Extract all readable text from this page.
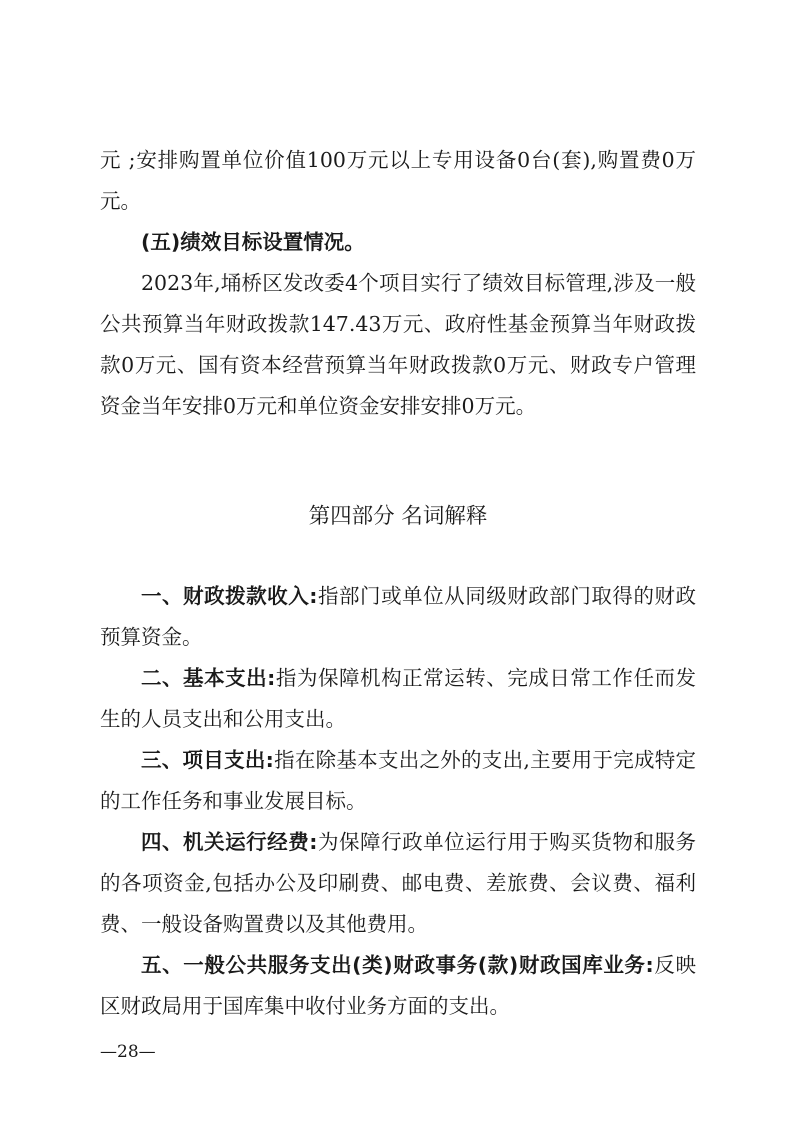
元 ;安排购置单位价值100万元以上专用设备0台(套),购置费0万元。

(五)绩效目标设置情况。

2023年,埇桥区发改委4个项目实行了绩效目标管理,涉及一般公共预算当年财政拨款147.43万元、政府性基金预算当年财政拨款0万元、国有资本经营预算当年财政拨款0万元、财政专户管理资金当年安排0万元和单位资金安排安排0万元。

第四部分 名词解释

一、财政拨款收入:指部门或单位从同级财政部门取得的财政预算资金。

二、基本支出:指为保障机构正常运转、完成日常工作任而发生的人员支出和公用支出。

三、项目支出:指在除基本支出之外的支出,主要用于完成特定的工作任务和事业发展目标。

四、机关运行经费:为保障行政单位运行用于购买货物和服务的各项资金,包括办公及印刷费、邮电费、差旅费、会议费、福利费、一般设备购置费以及其他费用。

五、一般公共服务支出(类)财政事务(款)财政国库业务:反映区财政局用于国库集中收付业务方面的支出。

—28—
